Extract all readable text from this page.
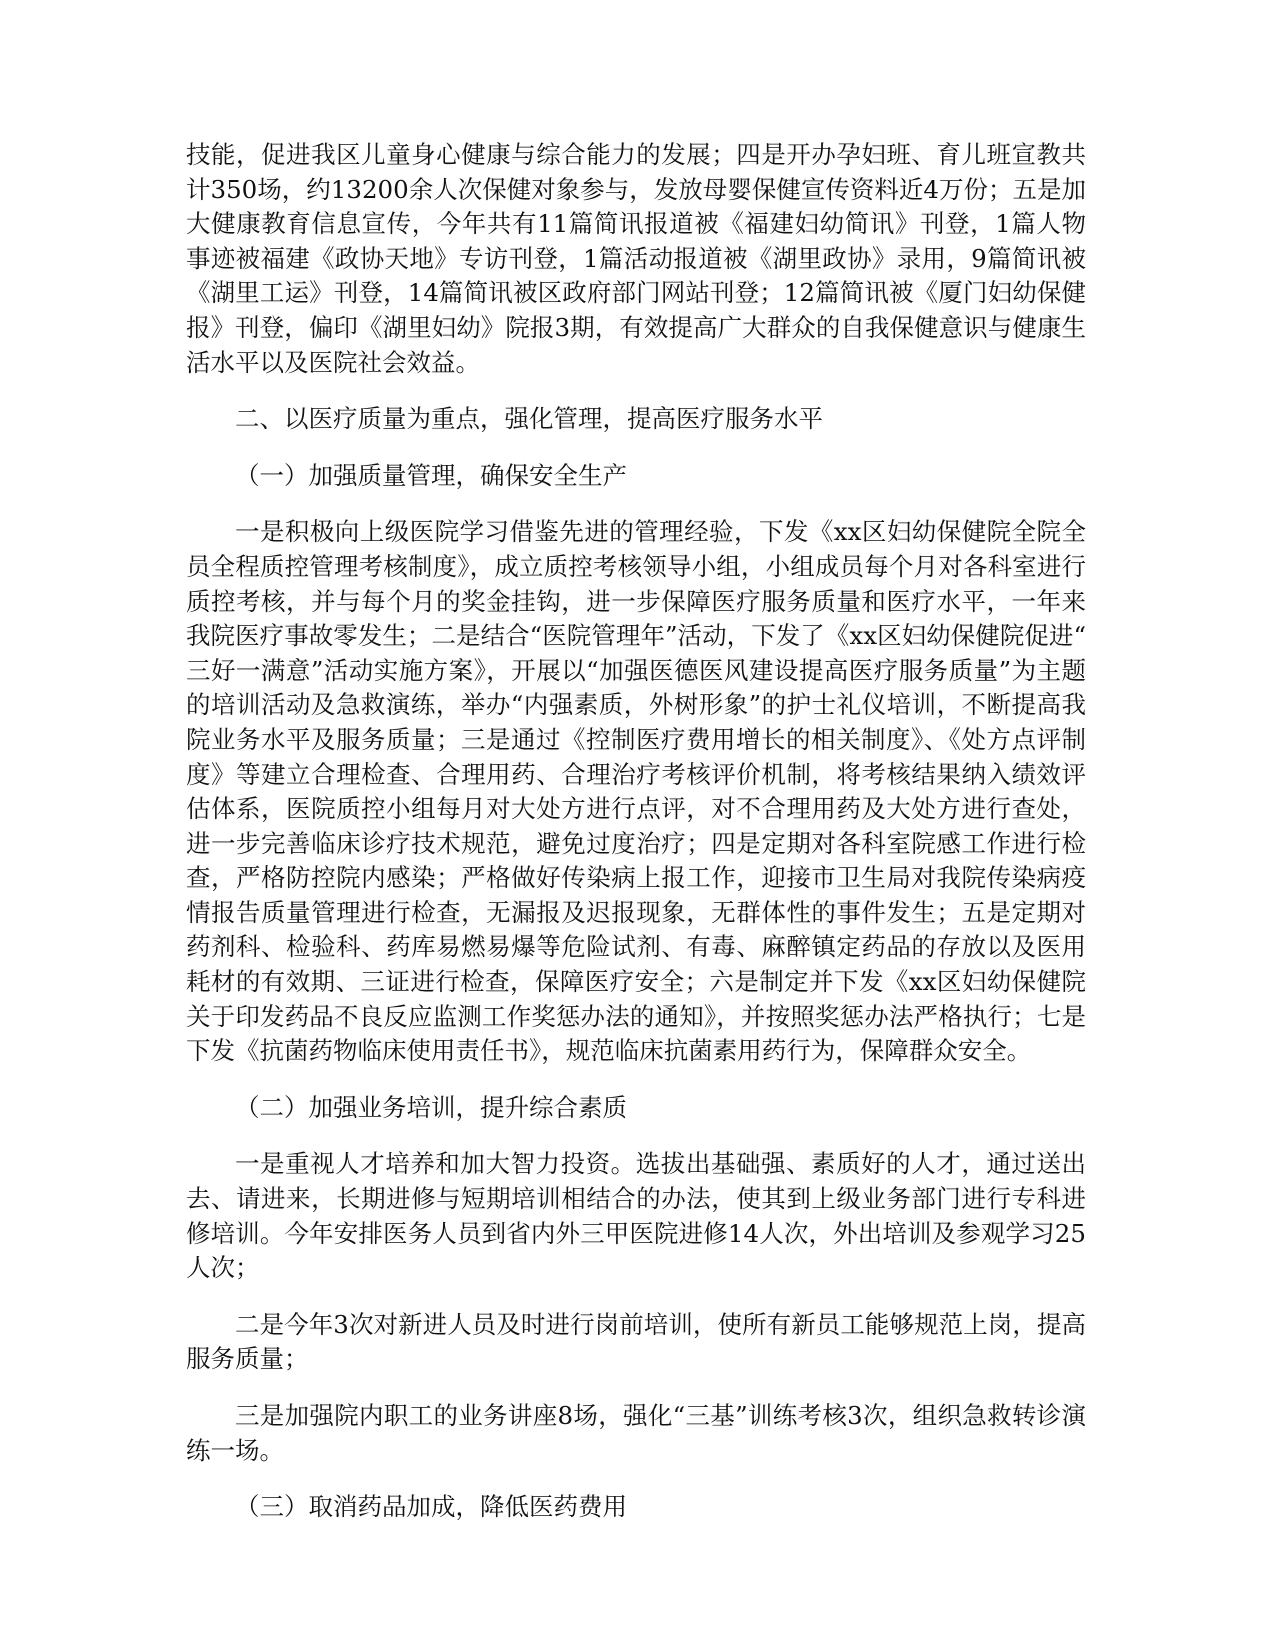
技能，促进我区儿童身心健康与综合能力的发展；四是开办孕妇班、育儿班宣教共计350场，约13200余人次保健对象参与，发放母婴保健宣传资料近4万份；五是加大健康教育信息宣传，今年共有11篇简讯报道被《福建妇幼简讯》刊登，1篇人物事迹被福建《政协天地》专访刊登，1篇活动报道被《湖里政协》录用，9篇简讯被《湖里工运》刊登，14篇简讯被区政府部门网站刊登；12篇简讯被《厦门妇幼保健报》刊登，偏印《湖里妇幼》院报3期，有效提高广大群众的自我保健意识与健康生活水平以及医院社会效益。

二、以医疗质量为重点，强化管理，提高医疗服务水平

（一）加强质量管理，确保安全生产

一是积极向上级医院学习借鉴先进的管理经验，下发《xx区妇幼保健院全院全员全程质控管理考核制度》，成立质控考核领导小组，小组成员每个月对各科室进行质控考核，并与每个月的奖金挂钩，进一步保障医疗服务质量和医疗水平，一年来我院医疗事故零发生；二是结合“医院管理年”活动，下发了《xx区妇幼保健院促进“三好一满意”活动实施方案》，开展以“加强医德医风建设提高医疗服务质量”为主题的培训活动及急救演练，举办“内强素质，外树形象”的护士礼仪培训，不断提高我院业务水平及服务质量；三是通过《控制医疗费用增长的相关制度》、《处方点评制度》等建立合理检查、合理用药、合理治疗考核评价机制，将考核结果纳入绩效评估体系，医院质控小组每月对大处方进行点评，对不合理用药及大处方进行查处，进一步完善临床诊疗技术规范，避免过度治疗；四是定期对各科室院感工作进行检查，严格防控院内感染；严格做好传染病上报工作，迎接市卫生局对我院传染病疫情报告质量管理进行检查，无漏报及迟报现象，无群体性的事件发生；五是定期对药剂科、检验科、药库易燃易爆等危险试剂、有毒、麻醉镇定药品的存放以及医用耗材的有效期、三证进行检查，保障医疗安全；六是制定并下发《xx区妇幼保健院关于印发药品不良反应监测工作奖惩办法的通知》，并按照奖惩办法严格执行；七是下发《抗菌药物临床使用责任书》，规范临床抗菌素用药行为，保障群众安全。

（二）加强业务培训，提升综合素质

一是重视人才培养和加大智力投资。选拔出基础强、素质好的人才，通过送出去、请进来，长期进修与短期培训相结合的办法，使其到上级业务部门进行专科进修培训。今年安排医务人员到省内外三甲医院进修14人次，外出培训及参观学习25人次；

二是今年3次对新进人员及时进行岗前培训，使所有新员工能够规范上岗，提高服务质量；

三是加强院内职工的业务讲座8场，强化“三基”训练考核3次，组织急救转诊演练一场。

（三）取消药品加成，降低医药费用
